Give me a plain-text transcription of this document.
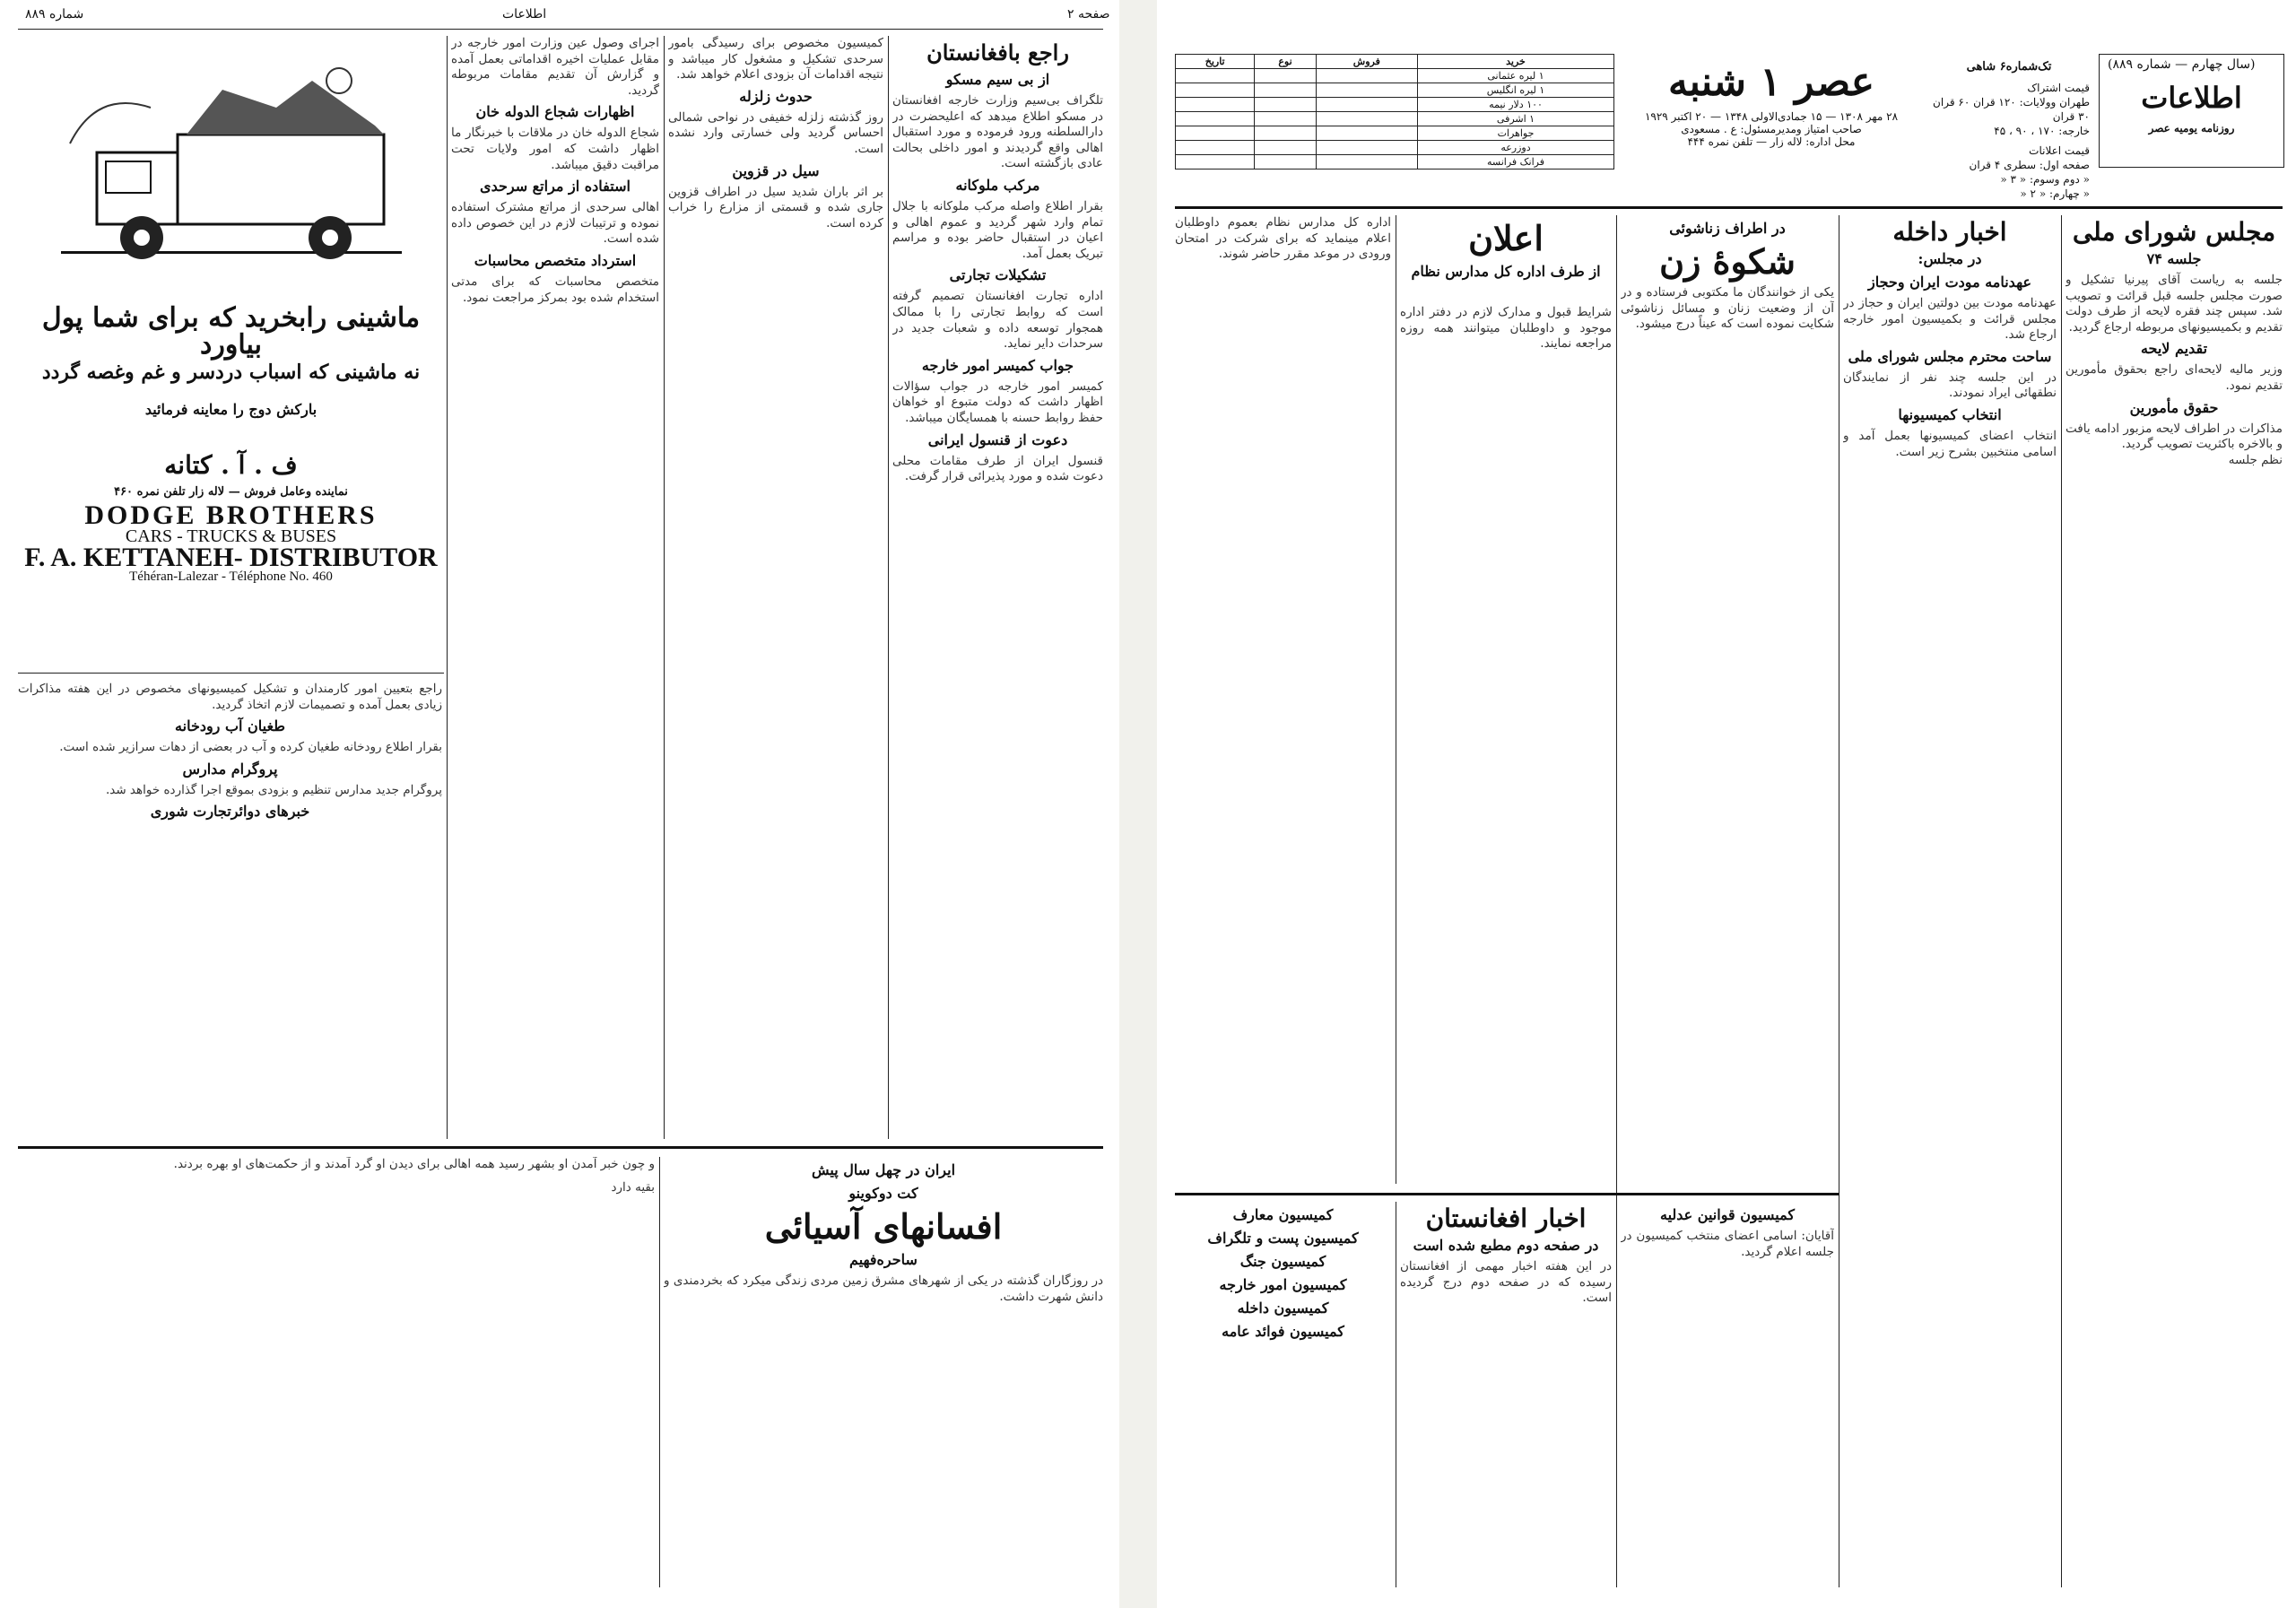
شماره ۸۸۹	اطلاعات	صفحه ۲
ماشینی رابخرید که برای شما پول بیاورد
نه ماشینی که اسباب دردسر و غم وغصه گردد
بارکش دوج را معاینه فرمائید
ف . آ . کتانه
نماینده وعامل فروش — لاله زار تلفن نمره ۴۶۰
DODGE BROTHERS
CARS - TRUCKS & BUSES
F. A. KETTANEH- DISTRIBUTOR
Téhéran-Lalezar - Téléphone No. 460
راجع بافغانستان
از بی سیم مسکو
تلگراف بی‌سیم وزارت خارجه افغانستان در مسکو اطلاع میدهد که اعلیحضرت در دارالسلطنه ورود فرموده و مورد استقبال اهالی واقع گردیدند و امور داخلی بحالت عادی بازگشته است.
مرکب ملوکانه
بقرار اطلاع واصله مرکب ملوکانه با جلال تمام وارد شهر گردید و عموم اهالی و اعیان در استقبال حاضر بوده و مراسم تبریک بعمل آمد.
تشکیلات تجارتی
اداره تجارت افغانستان تصمیم گرفته است که روابط تجارتی را با ممالک همجوار توسعه داده و شعبات جدید در سرحدات دایر نماید.
جواب کمیسر امور خارجه
کمیسر امور خارجه در جواب سؤالات اظهار داشت که دولت متبوع او خواهان حفظ روابط حسنه با همسایگان میباشد.
دعوت از قنسول ایرانی
قنسول ایران از طرف مقامات محلی دعوت شده و مورد پذیرائی قرار گرفت.
کمیسیون مخصوص برای رسیدگی بامور سرحدی تشکیل و مشغول کار میباشد و نتیجه اقدامات آن بزودی اعلام خواهد شد.
حدوث زلزله
روز گذشته زلزله خفیفی در نواحی شمالی احساس گردید ولی خسارتی وارد نشده است.
سیل در قزوین
بر اثر باران شدید سیل در اطراف قزوین جاری شده و قسمتی از مزارع را خراب کرده است.
اجرای وصول عین وزارت امور خارجه در مقابل عملیات اخیره اقداماتی بعمل آمده و گزارش آن تقدیم مقامات مربوطه گردید.
اظهارات شجاع الدوله خان
شجاع الدوله خان در ملاقات با خبرنگار ما اظهار داشت که امور ولایات تحت مراقبت دقیق میباشد.
استفاده از مراتع سرحدی
اهالی سرحدی از مراتع مشترک استفاده نموده و ترتیبات لازم در این خصوص داده شده است.
استرداد متخصص محاسبات
متخصص محاسبات که برای مدتی استخدام شده بود بمرکز مراجعت نمود.
راجع بتعیین امور کارمندان و تشکیل کمیسیونهای مخصوص در این هفته مذاکرات زیادی بعمل آمده و تصمیمات لازم اتخاذ گردید.
طغیان آب رودخانه
بقرار اطلاع رودخانه طغیان کرده و آب در بعضی از دهات سرازیر شده است.
پروگرام مدارس
پروگرام جدید مدارس تنظیم و بزودی بموقع اجرا گذارده خواهد شد.
خبرهای دوائرتجارت شوری
ایران در چهل سال پیش
کت دوکوینو
افسانهای آسیائی
ساحره‌فهیم
در روزگاران گذشته در یکی از شهرهای مشرق زمین مردی زندگی میکرد که بخردمندی و دانش شهرت داشت.
و چون خبر آمدن او بشهر رسید همه اهالی برای دیدن او گرد آمدند و از حکمت‌های او بهره بردند.
بقیه دارد
اطلاعات
روزنامه یومیه عصر
(سال چهارم — شماره ۸۸۹)
تک‌شماره۶ شاهی
قیمت اشتراک
طهران وولایات: ۱۲۰ قران ۶۰ قران ۳۰ قران
خارجه: ۱۷۰ ، ۹۰ ، ۴۵
قیمت اعلانات
صفحه اول: سطری ۴ قران
« دوم وسوم: « ۳ «
« چهارم: « ۲ «
عصر ۱ شنبه
۲۸ مهر ۱۳۰۸ — ۱۵ جمادی‌الاولی ۱۳۴۸ — ۲۰ اکتبر ۱۹۲۹
صاحب امتیاز ومدیرمسئول: ع . مسعودی
محل اداره: لاله زار — تلفن نمره ۴۴۴
خرید	فروش	نوع	تاریخ
۱ لیره عثمانی			
۱ لیره انگلیس			
۱۰۰ دلار نیمه			
۱ اشرفی			
جواهرات			
دوزرعه			
فرانک فرانسه			
مجلس شورای ملی
جلسه ۷۴
جلسه به ریاست آقای پیرنیا تشکیل و صورت مجلس جلسه قبل قرائت و تصویب شد. سپس چند فقره لایحه از طرف دولت تقدیم و بکمیسیونهای مربوطه ارجاع گردید.
تقدیم لایحه
وزیر مالیه لایحه‌ای راجع بحقوق مأمورین تقدیم نمود.
حقوق مأمورین
مذاکرات در اطراف لایحه مزبور ادامه یافت و بالاخره باکثریت تصویب گردید.
نظم جلسه
اخبار داخله
در مجلس:
عهدنامه مودت ایران وحجاز
عهدنامه مودت بین دولتین ایران و حجاز در مجلس قرائت و بکمیسیون امور خارجه ارجاع شد.
ساحت محترم مجلس شورای ملی
در این جلسه چند نفر از نمایندگان نطقهائی ایراد نمودند.
انتخاب کمیسیونها
انتخاب اعضای کمیسیونها بعمل آمد و اسامی منتخبین بشرح زیر است.
در اطراف زناشوئی
شکوهٔ زن
یکی از خوانندگان ما مکتوبی فرستاده و در آن از وضعیت زنان و مسائل زناشوئی شکایت نموده است که عیناً درج میشود.
اعلان
از طرف اداره کل مدارس نظام
اداره کل مدارس نظام بعموم داوطلبان اعلام مینماید که برای شرکت در امتحان ورودی در موعد مقرر حاضر شوند.
شرایط قبول و مدارک لازم در دفتر اداره موجود و داوطلبان میتوانند همه روزه مراجعه نمایند.
اخبار افغانستان
در صفحه دوم مطبع شده است
در این هفته اخبار مهمی از افغانستان رسیده که در صفحه دوم درج گردیده است.
کمیسیون قوانین عدلیه
آقایان: اسامی اعضای منتخب کمیسیون در جلسه اعلام گردید.
کمیسیون معارف
کمیسیون پست و تلگراف
کمیسیون جنگ
کمیسیون امور خارجه
کمیسیون داخله
کمیسیون فوائد عامه
